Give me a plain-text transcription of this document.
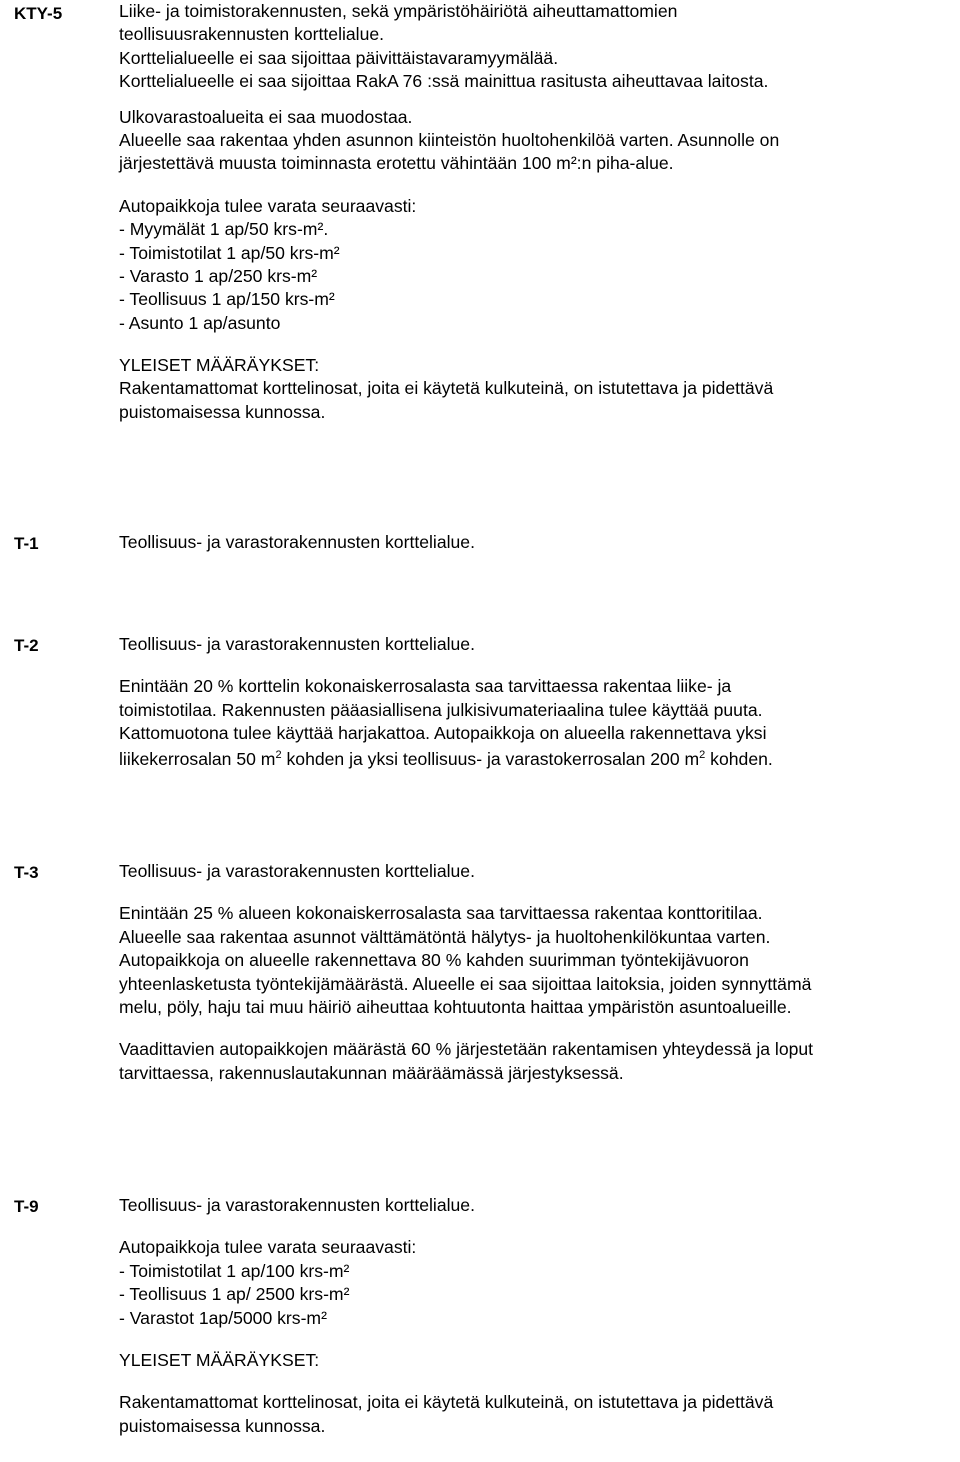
KTY-5	Liike- ja toimistorakennusten, sekä ympäristöhäiriötä aiheuttamattomien
teollisuusrakennusten korttelialue.
Korttelialueelle ei saa sijoittaa päivittäistavaramyymälää.
Korttelialueelle ei saa sijoittaa RakA 76 :ssä mainittua rasitusta aiheuttavaa laitosta.
Ulkovarastoalueita ei saa muodostaa.
Alueelle saa rakentaa yhden asunnon kiinteistön huoltohenkilöä varten. Asunnolle on
järjestettävä muusta toiminnasta erotettu vähintään 100 m²:n piha-alue.
Autopaikkoja tulee varata seuraavasti:
- Myymälät 1 ap/50 krs-m².
- Toimistotilat 1 ap/50 krs-m²
- Varasto 1 ap/250 krs-m²
- Teollisuus 1 ap/150 krs-m²
- Asunto 1 ap/asunto
YLEISET MÄÄRÄYKSET:
Rakentamattomat korttelinosat, joita ei käytetä kulkuteinä, on istutettava ja pidettävä
puistomaisessa kunnossa.
T-1	Teollisuus- ja varastorakennusten korttelialue.
T-2	Teollisuus- ja varastorakennusten korttelialue.
Enintään 20 % korttelin kokonaiskerrosalasta saa tarvittaessa rakentaa liike- ja
toimistotilaa. Rakennusten pääasiallisena julkisivumateriaalina tulee käyttää puuta.
Kattomuotona tulee käyttää harjakattoa. Autopaikkoja on alueella rakennettava yksi
liikekerrosalan 50 $m^2$ kohden ja yksi teollisuus- ja varastokerrosalan 200 $m^2$ kohden.
T-3	Teollisuus- ja varastorakennusten korttelialue.
Enintään 25 % alueen kokonaiskerrosalasta saa tarvittaessa rakentaa konttoritilaa.
Alueelle saa rakentaa asunnot välttämätöntä hälytys- ja huoltohenkilökuntaa varten.
Autopaikkoja on alueelle rakennettava 80 % kahden suurimman työntekijävuoron
yhteenlasketusta työntekijämäärästä. Alueelle ei saa sijoittaa laitoksia, joiden synnyttämä
melu, pöly, haju tai muu häiriö aiheuttaa kohtuutonta haittaa ympäristön asuntoalueille.
Vaadittavien autopaikkojen määrästä 60 % järjestetään rakentamisen yhteydessä ja loput
tarvittaessa, rakennuslautakunnan määräämässä järjestyksessä.
T-9	Teollisuus- ja varastorakennusten korttelialue.
Autopaikkoja tulee varata seuraavasti:
- Toimistotilat 1 ap/100 krs-m²
- Teollisuus 1 ap/ 2500 krs-m²
- Varastot 1ap/5000 krs-m²
YLEISET MÄÄRÄYKSET:
Rakentamattomat korttelinosat, joita ei käytetä kulkuteinä, on istutettava ja pidettävä
puistomaisessa kunnossa.
